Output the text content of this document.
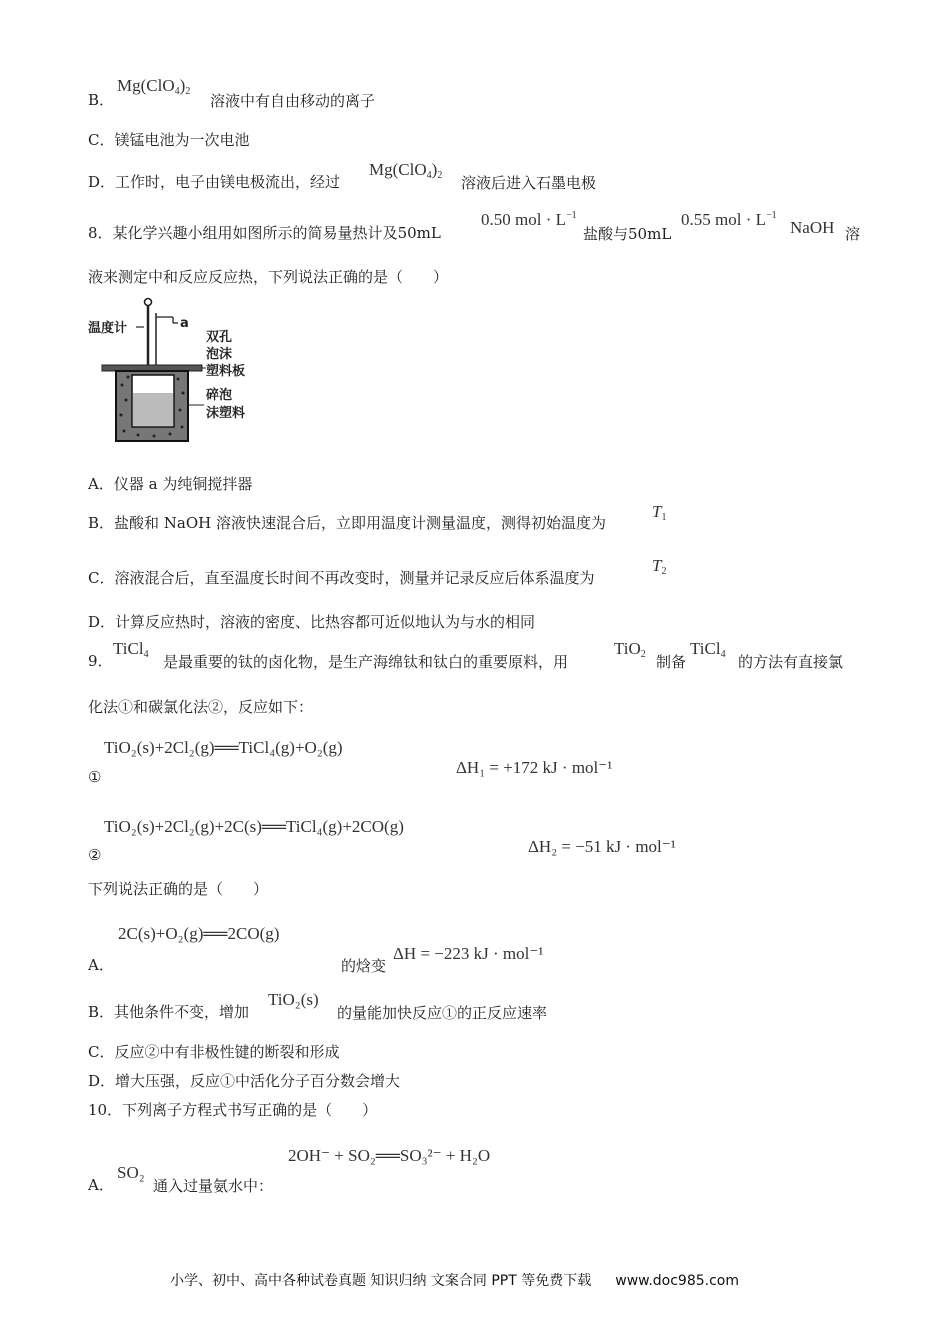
B．
Mg(ClO4)2
溶液中有自由移动的离子
C．镁锰电池为一次电池
D．工作时，电子由镁电极流出，经过
Mg(ClO4)2 溶液后进入石墨电极
8．某化学兴趣小组用如图所示的简易量热计及50mL
0.50 mol · $L^{-1}$
盐酸与50mL
0.55 mol · $L^{-1}$
NaOH 溶
液来测定中和反应反应热，下列说法正确的是（　　）
温度计	a
双孔
泡沫
塑料板
碎泡
沫塑料
A．仪器 a 为纯铜搅拌器
B．盐酸和 NaOH 溶液快速混合后，立即用温度计测量温度，测得初始温度为
T1
C．溶液混合后，直至温度长时间不再改变时，测量并记录反应后体系温度为
T2
D．计算反应热时，溶液的密度、比热容都可近似地认为与水的相同
9．
TiCl4 是最重要的钛的卤化物，是生产海绵钛和钛白的重要原料，用
TiO2 制备
TiCl4 的方法有直接氯
化法①和碳氯化法②，反应如下：
TiO₂(s)+2Cl₂(g)══TiCl₄(g)+O₂(g)
①	ΔH₁ = +172 kJ · mol⁻¹
TiO₂(s)+2Cl₂(g)+2C(s)══TiCl₄(g)+2CO(g)
②	ΔH₂ = −51 kJ · mol⁻¹
下列说法正确的是（　　）
2C(s)+O₂(g)══2CO(g)
A．	的焓变
ΔH = −223 kJ · mol⁻¹
B．其他条件不变，增加
TiO₂(s)
的量能加快反应①的正反应速率
C．反应②中有非极性键的断裂和形成
D．增大压强，反应①中活化分子百分数会增大
10．下列离子方程式书写正确的是（　　）
2OH⁻ + SO₂══SO₃²⁻ + H₂O
A．
SO₂
通入过量氨水中：
小学、初中、高中各种试卷真题 知识归纳 文案合同 PPT 等免费下载 www.doc985.com
